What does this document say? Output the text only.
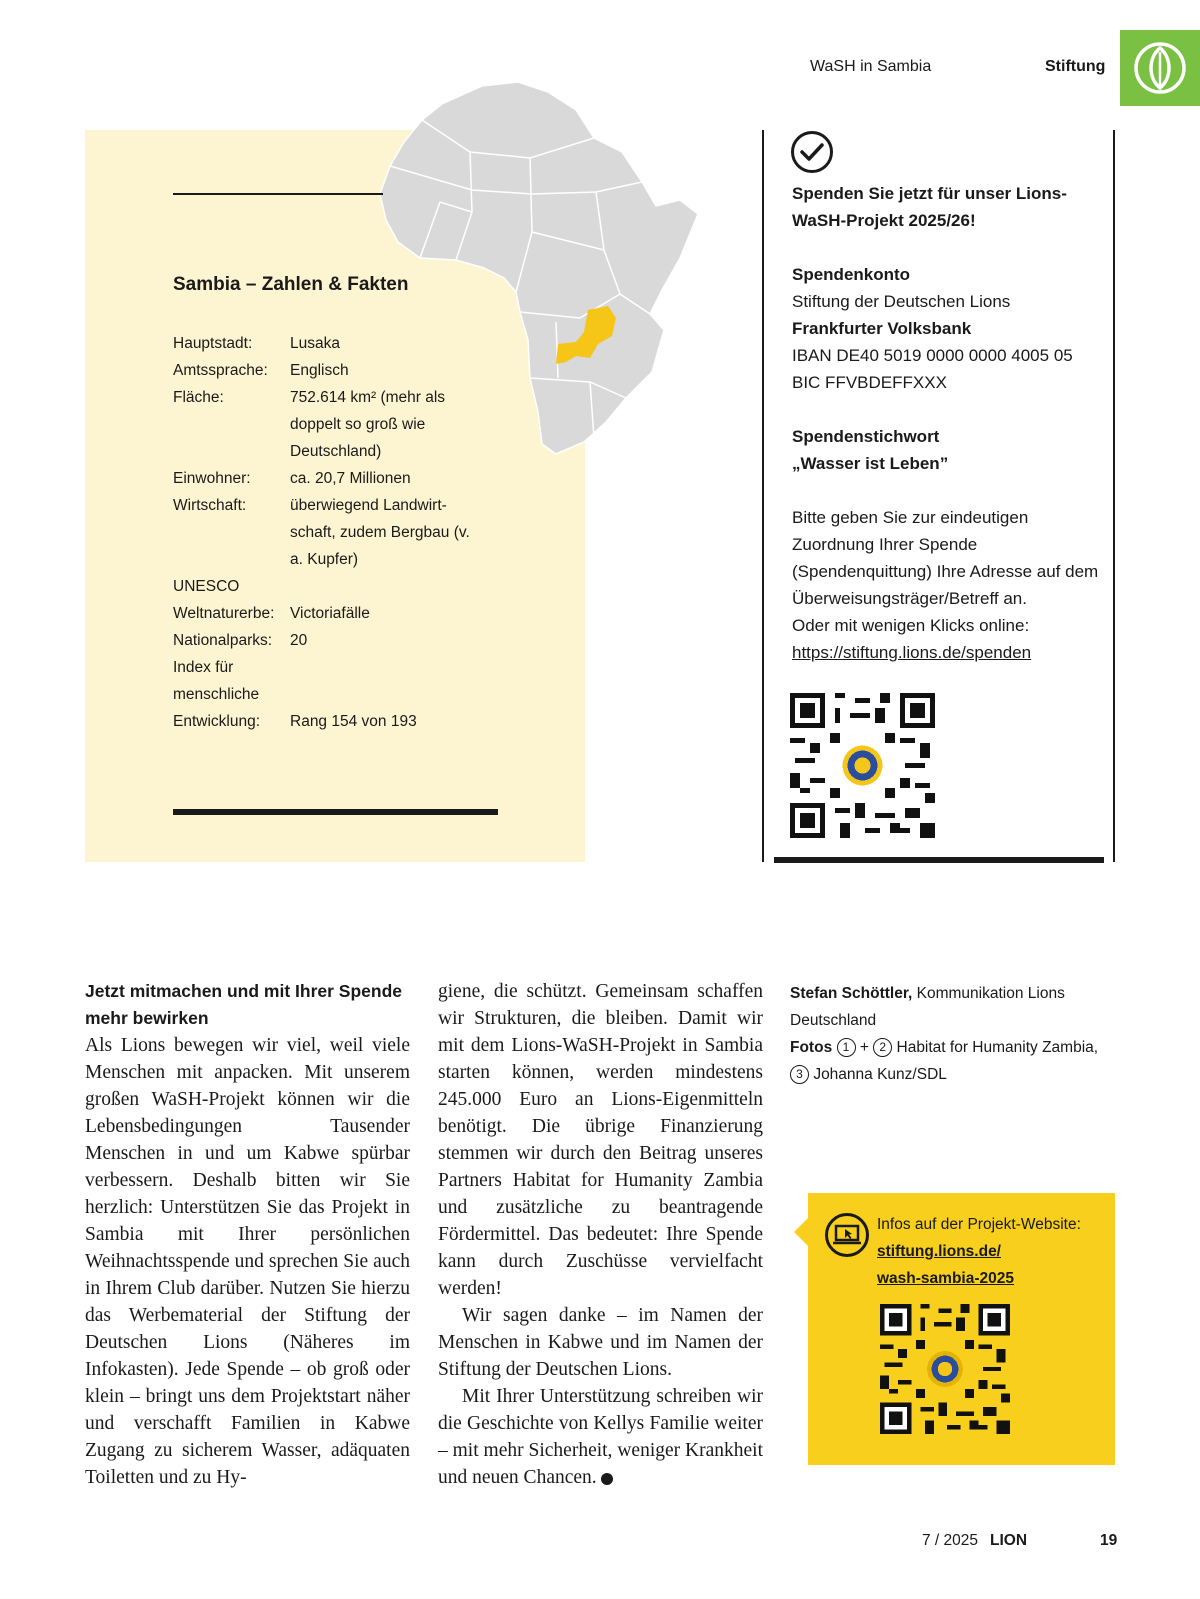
WaSH in Sambia	Stiftung
Sambia – Zahlen & Fakten
Hauptstadt:	Lusaka
Amtssprache:	Englisch
Fläche:	752.614 km² (mehr als doppelt so groß wie Deutschland)
Einwohner:	ca. 20,7 Millionen
Wirtschaft:	überwiegend Landwirt-schaft, zudem Bergbau (v. a. Kupfer)
UNESCO	
Weltnaturerbe:	Victoriafälle
Nationalparks:	20
Index für menschliche Entwicklung:	Rang 154 von 193
Spenden Sie jetzt für unser Lions-WaSH-Projekt 2025/26!
Spendenkonto
Stiftung der Deutschen Lions
Frankfurter Volksbank
IBAN DE40 5019 0000 0000 4005 05
BIC FFVBDEFFXXX
Spendenstichwort
„Wasser ist Leben”
Bitte geben Sie zur eindeutigen Zuordnung Ihrer Spende (Spendenquittung) Ihre Adresse auf dem Überweisungsträger/Betreff an.
Oder mit wenigen Klicks online:
https://stiftung.lions.de/spenden
Jetzt mitmachen und mit Ihrer Spende mehr bewirken

Als Lions bewegen wir viel, weil viele Menschen mit anpacken. Mit unserem großen WaSH-Projekt können wir die Lebensbedingungen Tausender Menschen in und um Kabwe spürbar verbessern. Deshalb bitten wir Sie herzlich: Unterstützen Sie das Projekt in Sambia mit Ihrer persönlichen Weihnachtsspende und sprechen Sie auch in Ihrem Club darüber. Nutzen Sie hierzu das Werbematerial der Stiftung der Deutschen Lions (Näheres im Infokasten). Jede Spende – ob groß oder klein – bringt uns dem Projektstart näher und verschafft Familien in Kabwe Zugang zu sicherem Wasser, adäquaten Toiletten und zu Hy-

giene, die schützt. Gemeinsam schaffen wir Strukturen, die bleiben. Damit wir mit dem Lions-WaSH-Projekt in Sambia starten können, werden mindestens 245.000 Euro an Lions-Eigenmitteln benötigt. Die übrige Finanzierung stemmen wir durch den Beitrag unseres Partners Habitat for Humanity Zambia und zusätzliche zu beantragende Fördermittel. Das bedeutet: Ihre Spende kann durch Zuschüsse vervielfacht werden!

Wir sagen danke – im Namen der Menschen in Kabwe und im Namen der Stiftung der Deutschen Lions.

Mit Ihrer Unterstützung schreiben wir die Geschichte von Kellys Familie weiter – mit mehr Sicherheit, weniger Krankheit und neuen Chancen.

Stefan Schöttler, Kommunikation Lions Deutschland
Fotos 1 + 2 Habitat for Humanity Zambia, 3 Johanna Kunz/SDL
Infos auf der Projekt-Website:
stiftung.lions.de/
wash-sambia-2025
7 / 2025 LION	19
